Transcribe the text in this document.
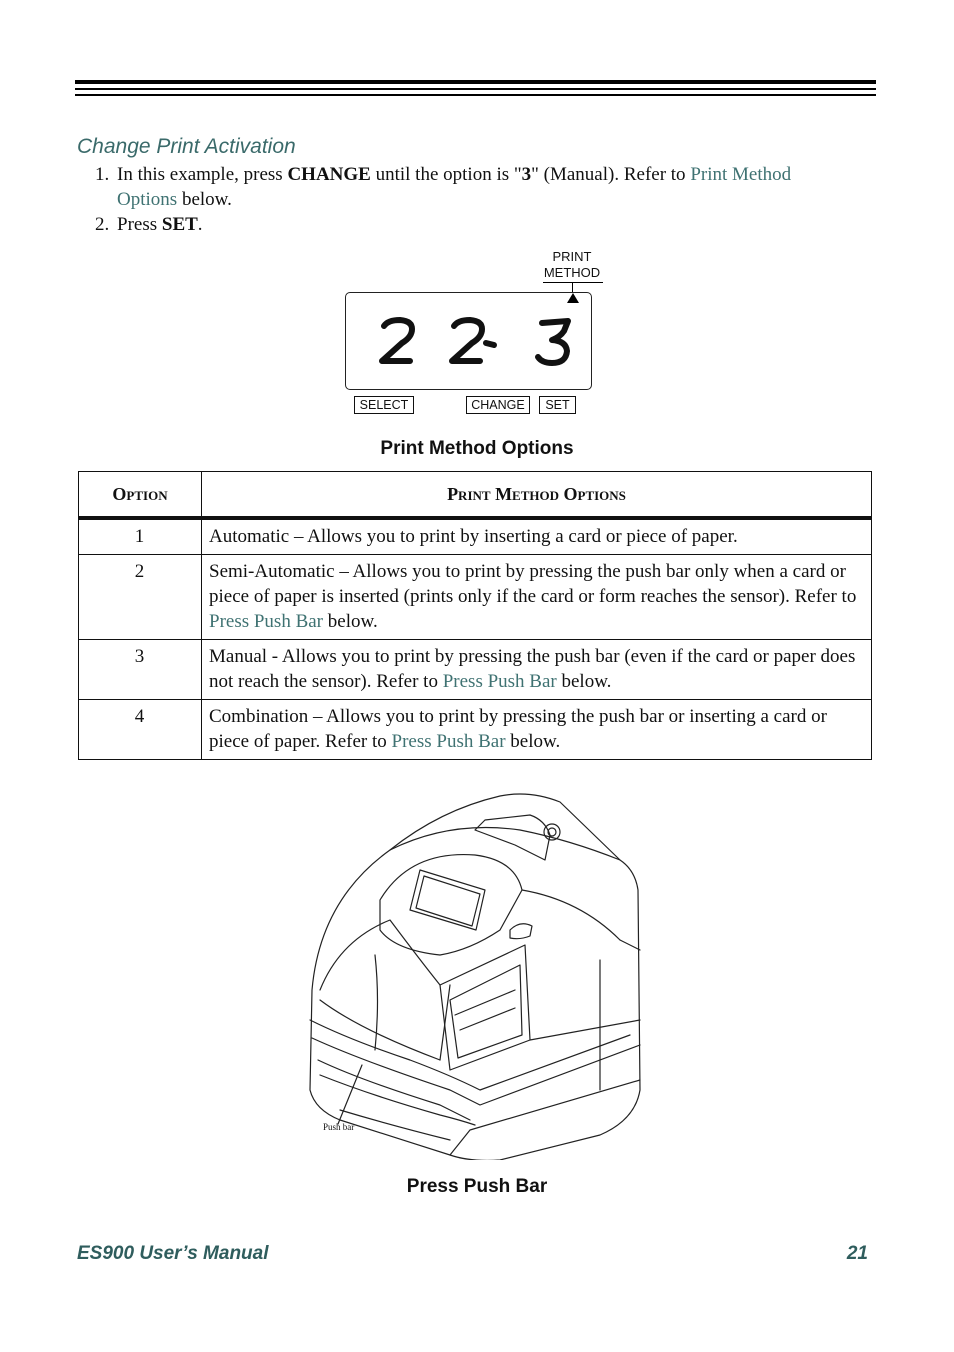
Change Print Activation
1. In this example, press CHANGE until the option is "3" (Manual). Refer to Print Method Options below.
2. Press SET.
PRINT
METHOD
SELECT	CHANGE	SET
Print Method Options
Option	Print Method Options
1	Automatic – Allows you to print by inserting a card or piece of paper.
2	Semi-Automatic – Allows you to print by pressing the push bar only when a card or piece of paper is inserted (prints only if the card or form reaches the sensor). Refer to Press Push Bar below.
3	Manual - Allows you to print by pressing the push bar (even if the card or paper does not reach the sensor). Refer to Press Push Bar below.
4	Combination – Allows you to print by pressing the push bar or inserting a card or piece of paper. Refer to Press Push Bar below.
Push bar
Press Push Bar
ES900 User’s Manual	21
